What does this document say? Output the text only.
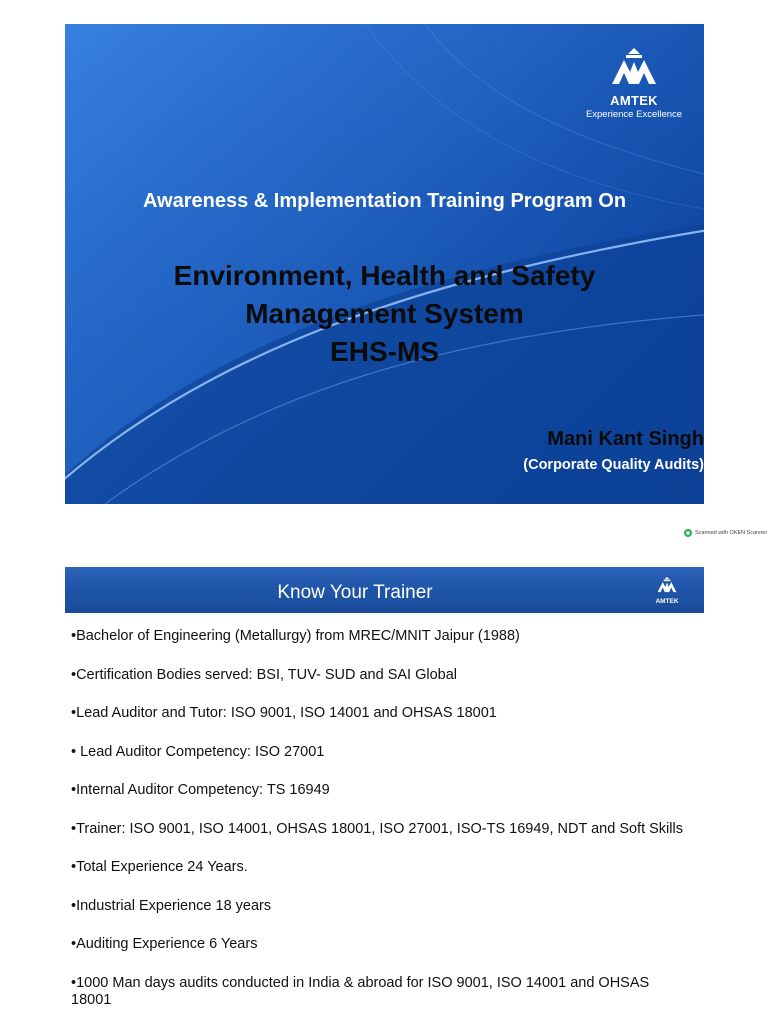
AMTEK
Experience Excellence
Awareness & Implementation Training Program On
Environment, Health and Safety
Management System
EHS-MS
Mani Kant Singh
(Corporate Quality Audits)
Scanned with OKEN Scanner
Know Your Trainer	AMTEK
•Bachelor of Engineering (Metallurgy) from MREC/MNIT Jaipur (1988)
•Certification Bodies served: BSI, TUV- SUD and SAI Global
•Lead Auditor and Tutor: ISO 9001, ISO 14001 and OHSAS 18001
• Lead Auditor Competency: ISO 27001
•Internal Auditor Competency: TS 16949
•Trainer: ISO 9001, ISO 14001, OHSAS 18001, ISO 27001, ISO-TS 16949, NDT and Soft Skills
•Total Experience 24 Years.
•Industrial Experience 18 years
•Auditing Experience 6 Years
•1000 Man days audits conducted in India & abroad for ISO 9001, ISO 14001 and OHSAS 18001
